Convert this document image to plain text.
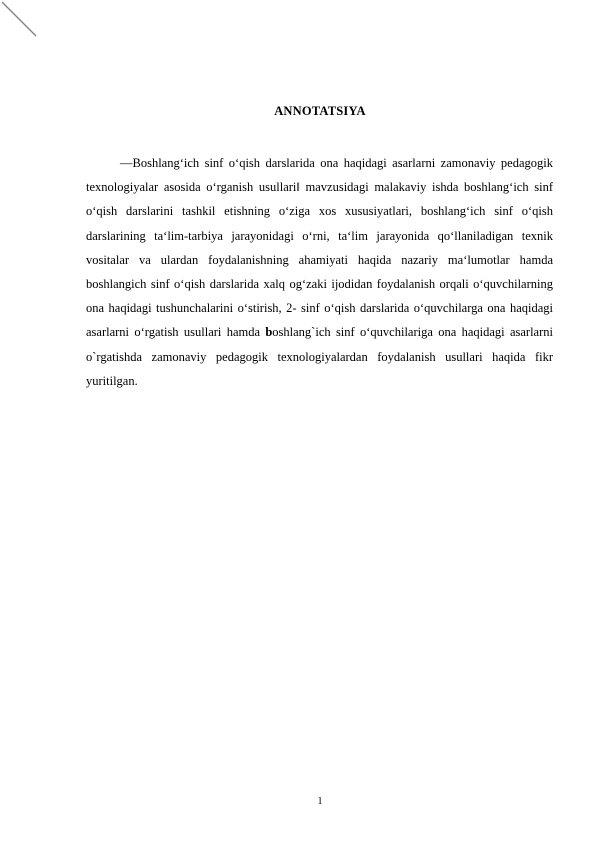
ANNOTATSIYA

―Boshlang‘ich sinf o‘qish darslarida ona haqidagi asarlarni zamonaviy pedagogik texnologiyalar asosida o‘rganish usullari‖ mavzusidagi malakaviy ishda boshlang‘ich sinf o‘qish darslarini tashkil etishning o‘ziga xos xususiyatlari, boshlang‘ich sinf o‘qish darslarining ta‘lim-tarbiya jarayonidagi o‘rni, ta‘lim jarayonida qo‘llaniladigan texnik vositalar va ulardan foydalanishning ahamiyati haqida nazariy ma‘lumotlar hamda boshlangich sinf o‘qish darslarida xalq og‘zaki ijodidan foydalanish orqali o‘quvchilarning ona haqidagi tushunchalarini o‘stirish, 2- sinf o‘qish darslarida o‘quvchilarga ona haqidagi asarlarni o‘rgatish usullari hamda boshlang`ich sinf o‘quvchilariga ona haqidagi asarlarni o`rgatishda zamonaviy pedagogik texnologiyalardan foydalanish usullari haqida fikr yuritilgan.

1
